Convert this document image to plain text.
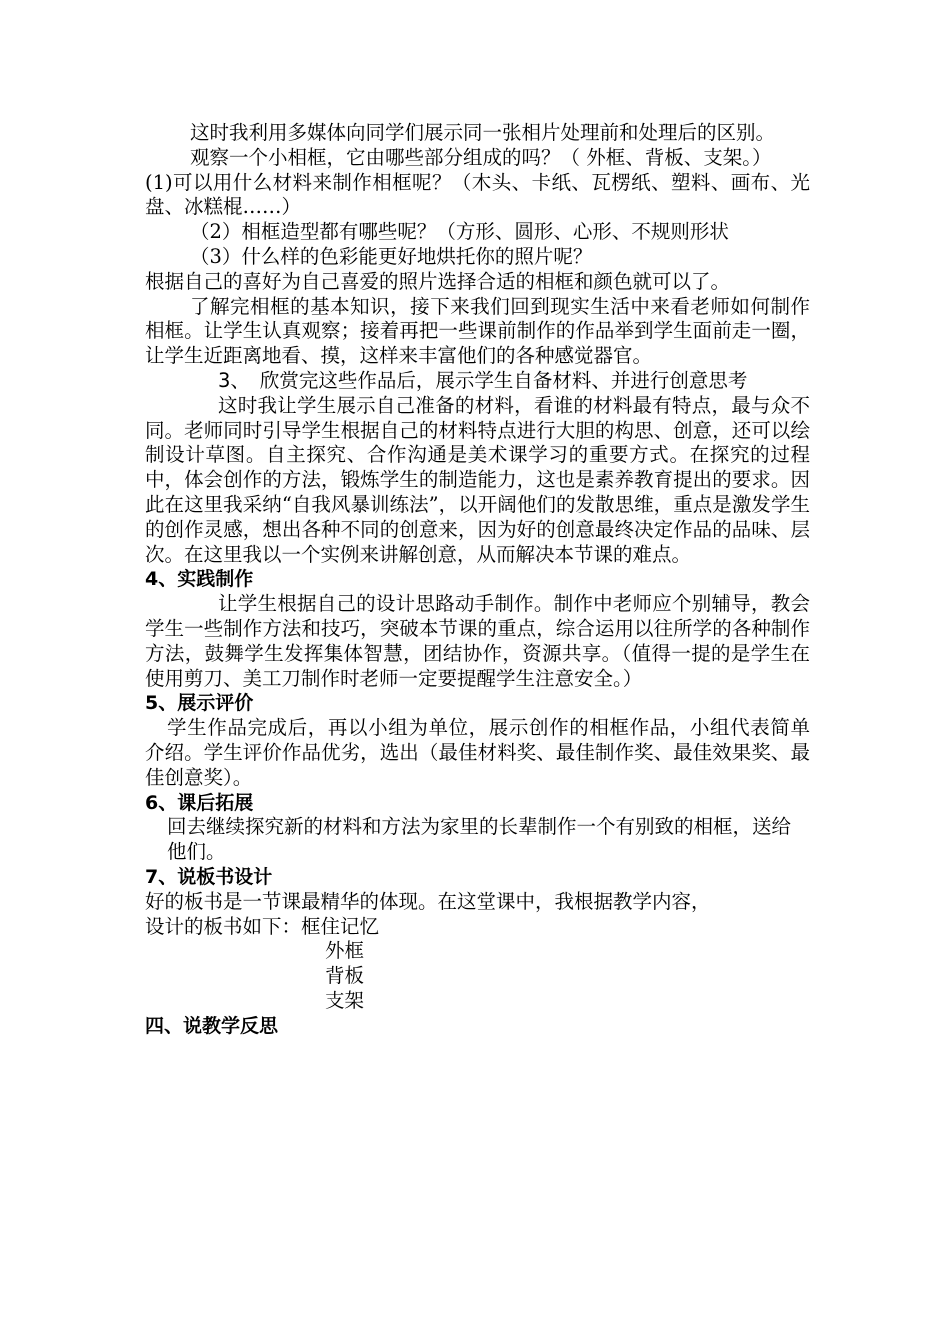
这时我利用多媒体向同学们展示同一张相片处理前和处理后的区别。

观察一个小相框，它由哪些部分组成的吗？（ 外框、背板、支架。）

(1)可以用什么材料来制作相框呢？（木头、卡纸、瓦楞纸、塑料、画布、光盘、冰糕棍……）

（2）相框造型都有哪些呢？（方形、圆形、心形、不规则形状

（3）什么样的色彩能更好地烘托你的照片呢？

根据自己的喜好为自己喜爱的照片选择合适的相框和颜色就可以了。

了解完相框的基本知识，接下来我们回到现实生活中来看老师如何制作相框。让学生认真观察；接着再把一些课前制作的作品举到学生面前走一圈，让学生近距离地看、摸，这样来丰富他们的各种感觉器官。

3、 欣赏完这些作品后，展示学生自备材料、并进行创意思考

这时我让学生展示自己准备的材料，看谁的材料最有特点，最与众不同。老师同时引导学生根据自己的材料特点进行大胆的构思、创意，还可以绘制设计草图。自主探究、合作沟通是美术课学习的重要方式。在探究的过程中，体会创作的方法，锻炼学生的制造能力，这也是素养教育提出的要求。因此在这里我采纳“自我风暴训练法”，以开阔他们的发散思维，重点是激发学生的创作灵感，想出各种不同的创意来，因为好的创意最终决定作品的品味、层次。在这里我以一个实例来讲解创意，从而解决本节课的难点。

4、实践制作

让学生根据自己的设计思路动手制作。制作中老师应个别辅导，教会学生一些制作方法和技巧，突破本节课的重点，综合运用以往所学的各种制作方法，鼓舞学生发挥集体智慧，团结协作，资源共享。（值得一提的是学生在使用剪刀、美工刀制作时老师一定要提醒学生注意安全。）

5、展示评价

学生作品完成后，再以小组为单位，展示创作的相框作品，小组代表简单介绍。学生评价作品优劣，选出（最佳材料奖、最佳制作奖、最佳效果奖、最佳创意奖）。

6、课后拓展

回去继续探究新的材料和方法为家里的长辈制作一个有别致的相框，送给他们。

7、说板书设计

好的板书是一节课最精华的体现。在这堂课中，我根据教学内容，

设计的板书如下：框住记忆

外框

背板

支架

四、说教学反思
